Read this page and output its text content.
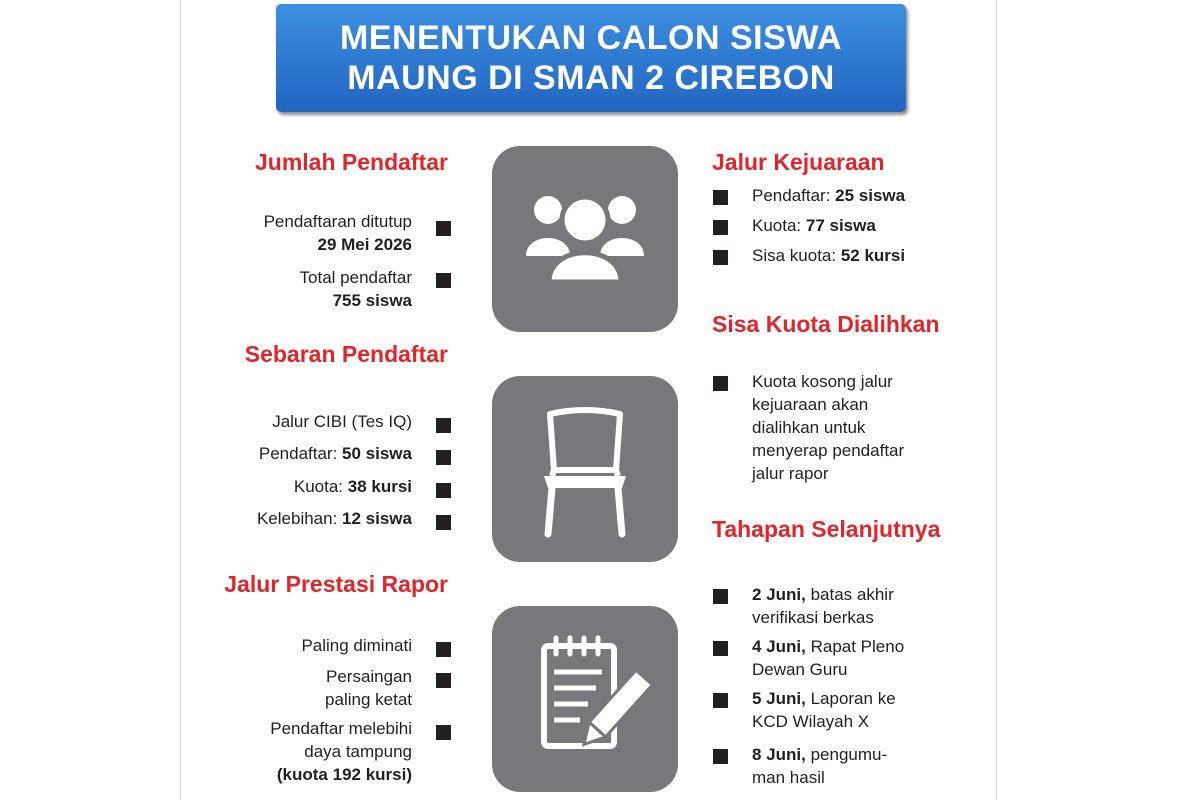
MENENTUKAN CALON SISWA
MAUNG DI SMAN 2 CIREBON
Jumlah Pendaftar
Pendaftaran ditutup
29 Mei 2026
Total pendaftar
755 siswa
Sebaran Pendaftar
Jalur CIBI (Tes IQ)
Pendaftar: 50 siswa
Kuota: 38 kursi
Kelebihan: 12 siswa
Jalur Prestasi Rapor
Paling diminati
Persaingan
paling ketat
Pendaftar melebihi
daya tampung
(kuota 192 kursi)
Jalur Kejuaraan
Pendaftar: 25 siswa
Kuota: 77 siswa
Sisa kuota: 52 kursi
Sisa Kuota Dialihkan
Kuota kosong jalur
kejuaraan akan
dialihkan untuk
menyerap pendaftar
jalur rapor
Tahapan Selanjutnya
2 Juni, batas akhir
verifikasi berkas
4 Juni, Rapat Pleno
Dewan Guru
5 Juni, Laporan ke
KCD Wilayah X
8 Juni, pengumu-
man hasil
